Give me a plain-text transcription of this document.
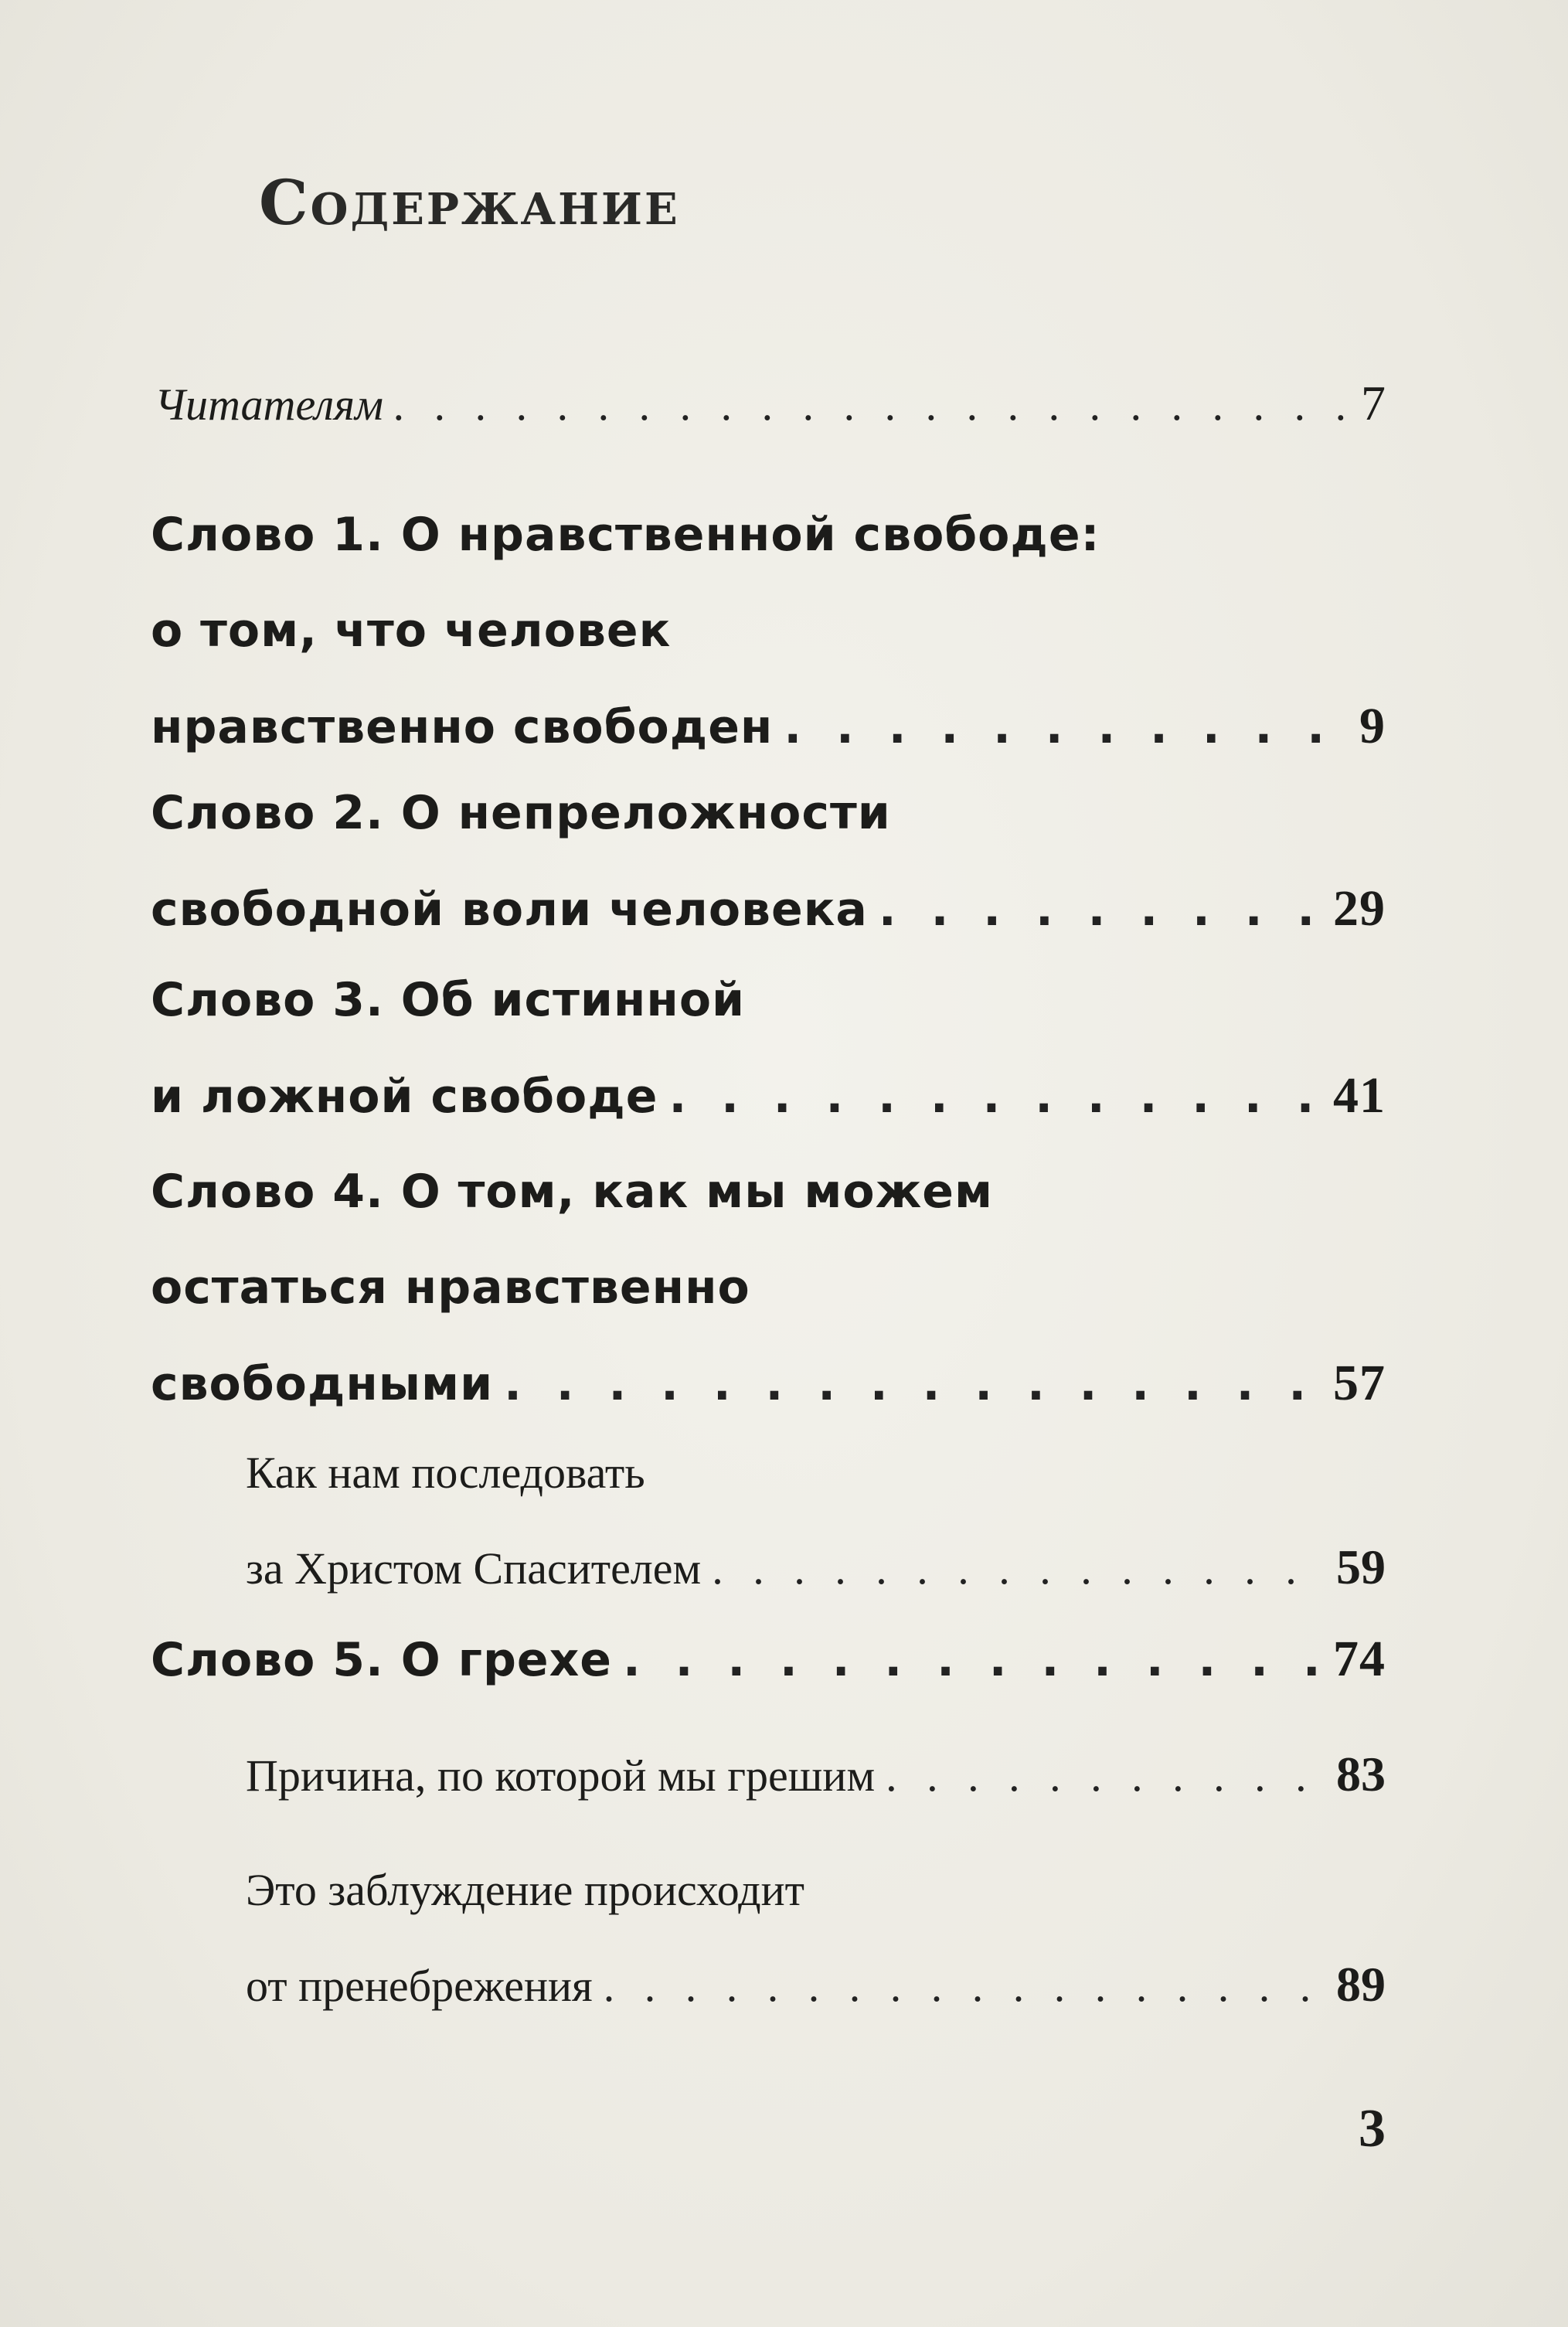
Содержание
Читателям . . .	7
Слово 1. О нравственной свободе:
о том, что человек
нравственно свободен . . .	9
Слово 2. О непреложности
свободной воли человека . . .	29
Слово 3. Об истинной
и ложной свободе . . .	41
Слово 4. О том, как мы можем
остаться нравственно
свободными . . .	57
Как нам последовать
за Христом Спасителем . . .	59
Слово 5. О грехе . . .	74
Причина, по которой мы грешим . . .	83
Это заблуждение происходит
от пренебрежения . . .	89
3
